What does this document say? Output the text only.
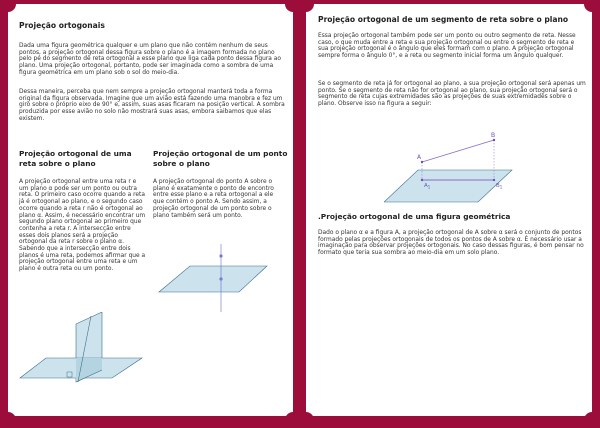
Projeção ortogonais
Dada uma figura geométrica qualquer e um plano que não contém nenhum de seus pontos, a projeção ortogonal dessa figura sobre o plano é a imagem formada no plano pelo pé do segmento de reta ortogonal a esse plano que liga cada ponto dessa figura ao plano. Uma projeção ortogonal, portanto, pode ser imaginada como a sombra de uma figura geométrica em um plano sob o sol do meio-dia.
Dessa maneira, perceba que nem sempre a projeção ortogonal manterá toda a forma original da figura observada. Imagine que um avião está fazendo uma manobra e fez um giro sobre o próprio eixo de 90° e, assim, suas asas ficaram na posição vertical. A sombra produzida por esse avião no solo não mostrará suas asas, embora saibamos que elas existem.
Projeção ortogonal de uma reta sobre o plano
A projeção ortogonal entre uma reta r e um plano α pode ser um ponto ou outra reta. O primeiro caso ocorre quando a reta já é ortogonal ao plano, e o segundo caso ocorre quando a reta r não é ortogonal ao plano α. Assim, é necessário encontrar um segundo plano ortogonal ao primeiro que contenha a reta r. A intersecção entre esses dois planos será a projeção ortogonal da reta r sobre o plano α. Sabendo que a intersecção entre dois planos é uma reta, podemos afirmar que a projeção ortogonal entre uma reta e um plano é outra reta ou um ponto.
Projeção ortogonal de um ponto sobre o plano
A projeção ortogonal do ponto A sobre o plano é exatamente o ponto de encontro entre esse plano e a reta ortogonal a ele que contém o ponto A. Sendo assim, a projeção ortogonal de um ponto sobre o plano também será um ponto.
Projeção ortogonal de um segmento de reta sobre o plano
Essa projeção ortogonal também pode ser um ponto ou outro segmento de reta. Nesse caso, o que muda entre a reta e sua projeção ortogonal ou entre o segmento de reta e sua projeção ortogonal é o ângulo que eles formam com o plano. A projeção ortogonal sempre forma o ângulo 0°, e a reta ou segmento inicial forma um ângulo qualquer.
Se o segmento de reta já for ortogonal ao plano, a sua projeção ortogonal será apenas um ponto. Se o segmento de reta não for ortogonal ao plano, sua projeção ortogonal será o segmento de reta cujas extremidades são as projeções de suas extremidades sobre o plano. Observe isso na figura a seguir:
A
B
$A_1$	$B_1$
.Projeção ortogonal de uma figura geométrica
Dado o plano α e a figura A, a projeção ortogonal de A sobre α será o conjunto de pontos formado pelas projeções ortogonais de todos os pontos de A sobre α. É necessário usar a imaginação para observar projeções ortogonais. No caso dessas figuras, é bom pensar no formato que teria sua sombra ao meio-dia em um solo plano.
